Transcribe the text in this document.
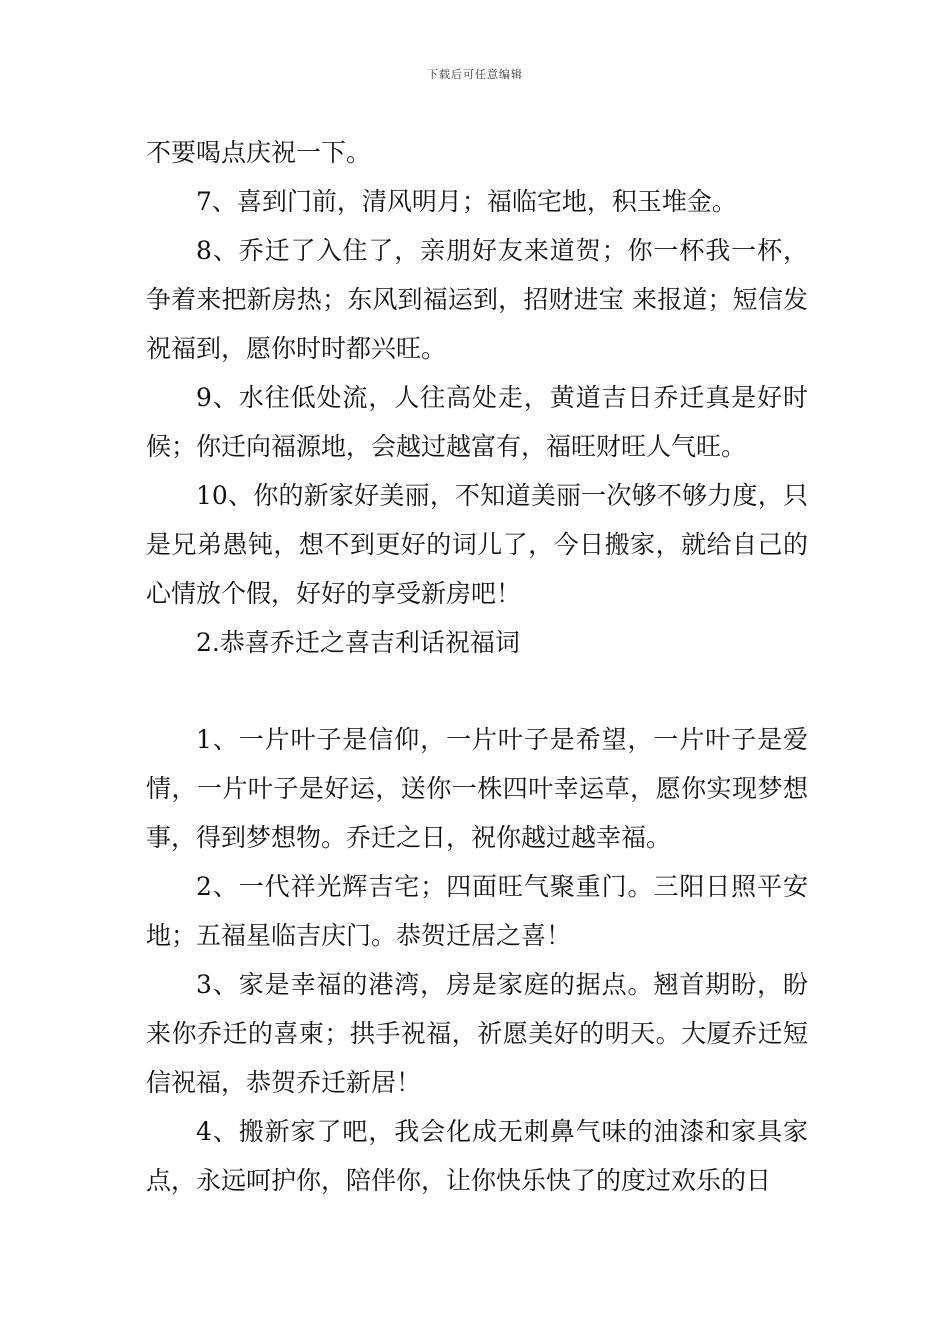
下载后可任意编辑

不要喝点庆祝一下。

7、喜到门前，清风明月；福临宅地，积玉堆金。

8、乔迁了入住了，亲朋好友来道贺；你一杯我一杯，争着来把新房热；东风到福运到，招财进宝 来报道；短信发祝福到，愿你时时都兴旺。

9、水往低处流，人往高处走，黄道吉日乔迁真是好时候；你迁向福源地，会越过越富有，福旺财旺人气旺。

10、你的新家好美丽，不知道美丽一次够不够力度，只是兄弟愚钝，想不到更好的词儿了，今日搬家，就给自己的心情放个假，好好的享受新房吧！

2.恭喜乔迁之喜吉利话祝福词

1、一片叶子是信仰，一片叶子是希望，一片叶子是爱情，一片叶子是好运，送你一株四叶幸运草，愿你实现梦想事，得到梦想物。乔迁之日，祝你越过越幸福。

2、一代祥光辉吉宅；四面旺气聚重门。三阳日照平安地；五福星临吉庆门。恭贺迁居之喜！

3、家是幸福的港湾，房是家庭的据点。翘首期盼，盼来你乔迁的喜柬；拱手祝福，祈愿美好的明天。大厦乔迁短信祝福，恭贺乔迁新居！

4、搬新家了吧，我会化成无刺鼻气味的油漆和家具家点，永远呵护你，陪伴你，让你快乐快了的度过欢乐的日
